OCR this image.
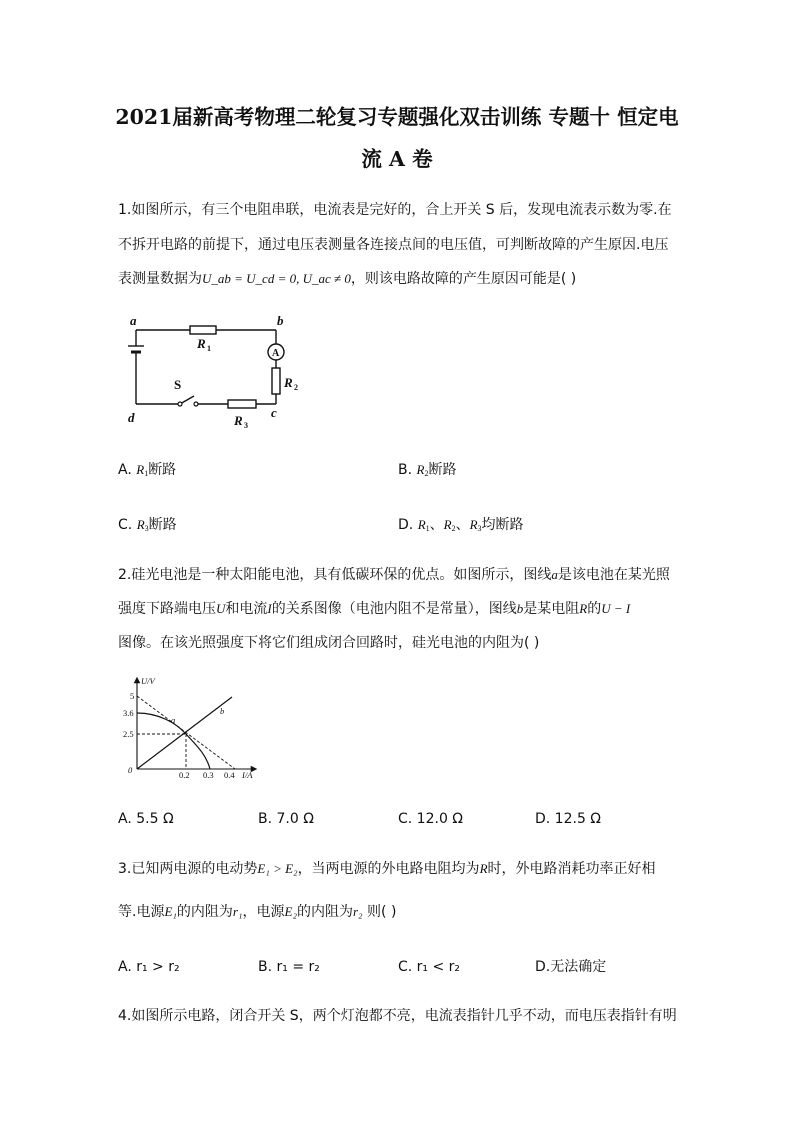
2021届新高考物理二轮复习专题强化双击训练 专题十 恒定电
流 A 卷
1.如图所示，有三个电阻串联，电流表是完好的，合上开关 S 后，发现电流表示数为零.在
不拆开电路的前提下，通过电压表测量各连接点间的电压值，可判断故障的产生原因.电压
表测量数据为U_ab = U_cd = 0, U_ac ≠ 0，则该电路故障的产生原因可能是( )
a	b
c
d
R 1
R 2
R 3
S
A
A. $R_1$断路	B. $R_2$断路
C. $R_3$断路	D. $R_1$、$R_2$、$R_3$均断路
2.硅光电池是一种太阳能电池，具有低碳环保的优点。如图所示，图线a是该电池在某光照
强度下路端电压U和电流I的关系图像（电池内阻不是常量），图线b是某电阻R的U − I
图像。在该光照强度下将它们组成闭合回路时，硅光电池的内阻为( )
U/V
I/A
0
5
3.6
2.5
0.2 0.3 0.4
a
b
A. 5.5 Ω	B. 7.0 Ω	C. 12.0 Ω	D. 12.5 Ω
3.已知两电源的电动势E₁ > E₂，当两电源的外电路电阻均为R时，外电路消耗功率正好相
等.电源E₁的内阻为r₁，电源E₂的内阻为r₂ 则( )
A. r₁ > r₂	B. r₁ = r₂	C. r₁ < r₂	D.无法确定
4.如图所示电路，闭合开关 S，两个灯泡都不亮，电流表指针几乎不动，而电压表指针有明
